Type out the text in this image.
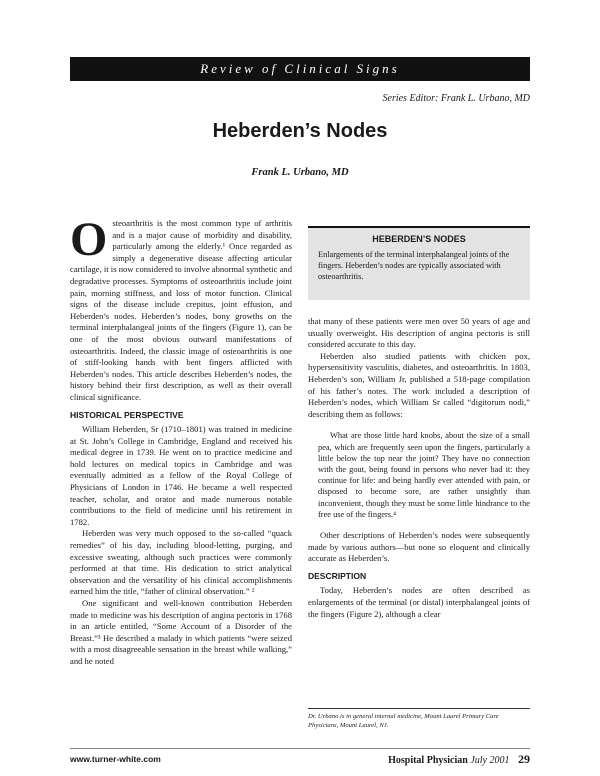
Review of Clinical Signs
Series Editor: Frank L. Urbano, MD
Heberden’s Nodes
Frank L. Urbano, MD

Osteoarthritis is the most common type of arthritis and is a major cause of morbidity and disability, particularly among the elderly.¹ Once regarded as simply a degenerative disease affecting articular cartilage, it is now considered to involve abnormal synthetic and degradative processes. Symptoms of osteoarthritis include joint pain, morning stiffness, and loss of motor function. Clinical signs of the disease include crepitus, joint effusion, and Heberden’s nodes. Heberden’s nodes, bony growths on the terminal interphalangeal joints of the fingers (Figure 1), can be one of the most obvious outward manifestations of osteoarthritis. Indeed, the classic image of osteoarthritis is one of stiff-looking hands with bent fingers afflicted with Heberden’s nodes. This article describes Heberden’s nodes, the history behind their first description, as well as their overall clinical significance.

HISTORICAL PERSPECTIVE

William Heberden, Sr (1710–1801) was trained in medicine at St. John’s College in Cambridge, England and received his medical degree in 1739. He went on to practice medicine and hold lectures on medical topics in Cambridge and was eventually admitted as a fellow of the Royal College of Physicians of London in 1746. He became a well respected teacher, scholar, and orator and made numerous notable contributions to the field of medicine until his retirement in 1782.

Heberden was very much opposed to the so-called “quack remedies” of his day, including blood-letting, purging, and excessive sweating, although such practices were commonly performed at that time. His dedication to strict analytical observation and the versatility of his clinical accomplishments earned him the title, “father of clinical observation.” ²

One significant and well-known contribution Heberden made to medicine was his description of angina pectoris in 1768 in an article entitled, “Some Account of a Disorder of the Breast.”³ He described a malady in which patients “were seized with a most disagreeable sensation in the breast while walking,” and he noted

HEBERDEN’S NODES
Enlargements of the terminal interphalangeal joints of the fingers. Heberden’s nodes are typically associated with osteoarthritis.

that many of these patients were men over 50 years of age and usually overweight. His description of angina pectoris is still considered accurate to this day.

Heberden also studied patients with chicken pox, hypersensitivity vasculitis, diabetes, and osteoarthritis. In 1803, Heberden’s son, William Jr, published a 518-page compilation of his father’s notes. The work included a description of Heberden’s nodes, which William Sr called “digitorum nodi,” describing them as follows:

What are those little hard knobs, about the size of a small pea, which are frequently seen upon the fingers, particularly a little below the top near the joint? They have no connection with the gout, being found in persons who never had it: they continue for life: and being hardly ever attended with pain, or disposed to become sore, are rather unsightly than inconvenient, though they must be some little hindrance to the free use of the fingers.⁴

Other descriptions of Heberden’s nodes were subsequently made by various authors—but none so eloquent and clinically accurate as Heberden’s.

DESCRIPTION

Today, Heberden’s nodes are often described as enlargements of the terminal (or distal) interphalangeal joints of the fingers (Figure 2), although a clear

Dr. Urbano is in general internal medicine, Mount Laurel Primary Care Physicians, Mount Laurel, NJ.
www.turner-white.com	Hospital Physician July 2001 29
